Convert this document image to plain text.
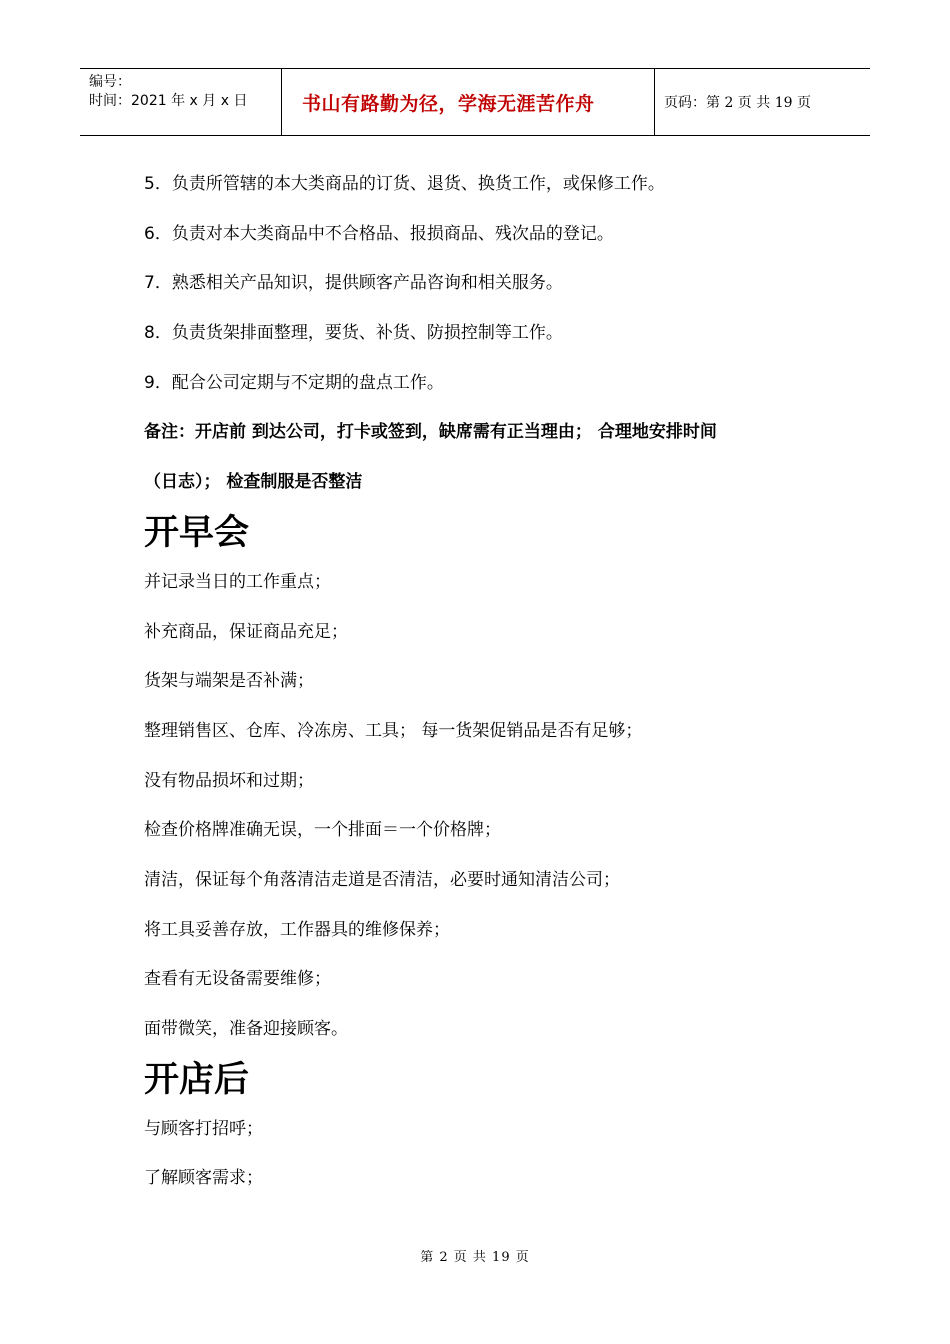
编号：
时间：2021 年 x 月 x 日	书山有路勤为径，学海无涯苦作舟	页码：第 2 页 共 19 页
5．负责所管辖的本大类商品的订货、退货、换货工作，或保修工作。
6．负责对本大类商品中不合格品、报损商品、残次品的登记。
7．熟悉相关产品知识，提供顾客产品咨询和相关服务。
8．负责货架排面整理，要货、补货、防损控制等工作。
9．配合公司定期与不定期的盘点工作。
备注：开店前 到达公司，打卡或签到，缺席需有正当理由； 合理地安排时间
（日志）； 检查制服是否整洁
开早会
并记录当日的工作重点；
补充商品，保证商品充足；
货架与端架是否补满；
整理销售区、仓库、冷冻房、工具； 每一货架促销品是否有足够；
没有物品损坏和过期；
检查价格牌准确无误，一个排面＝一个价格牌；
清洁，保证每个角落清洁走道是否清洁，必要时通知清洁公司；
将工具妥善存放，工作器具的维修保养；
查看有无设备需要维修；
面带微笑，准备迎接顾客。
开店后
与顾客打招呼；
了解顾客需求；
第 2 页 共 19 页
